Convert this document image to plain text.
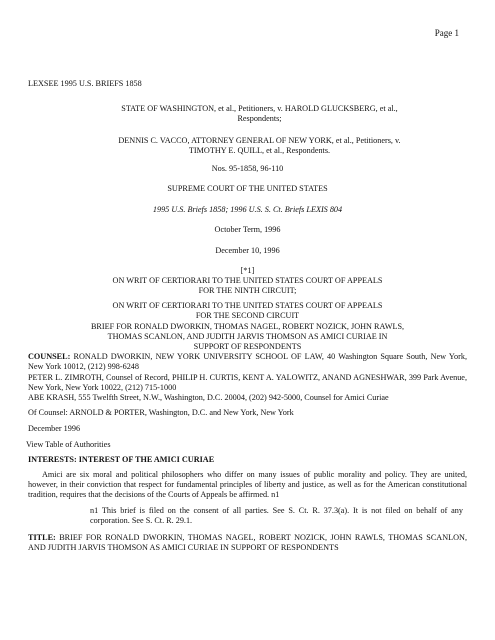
Page 1
LEXSEE 1995 U.S. BRIEFS 1858
STATE OF WASHINGTON, et al., Petitioners, v. HAROLD GLUCKSBERG, et al., Respondents;
DENNIS C. VACCO, ATTORNEY GENERAL OF NEW YORK, et al., Petitioners, v. TIMOTHY E. QUILL, et al., Respondents.
Nos. 95-1858, 96-110
SUPREME COURT OF THE UNITED STATES
1995 U.S. Briefs 1858; 1996 U.S. S. Ct. Briefs LEXIS 804
October Term, 1996
December 10, 1996
[*1]
ON WRIT OF CERTIORARI TO THE UNITED STATES COURT OF APPEALS FOR THE NINTH CIRCUIT;
ON WRIT OF CERTIORARI TO THE UNITED STATES COURT OF APPEALS FOR THE SECOND CIRCUIT
BRIEF FOR RONALD DWORKIN, THOMAS NAGEL, ROBERT NOZICK, JOHN RAWLS, THOMAS SCANLON, AND JUDITH JARVIS THOMSON AS AMICI CURIAE IN SUPPORT OF RESPONDENTS
COUNSEL: RONALD DWORKIN, NEW YORK UNIVERSITY SCHOOL OF LAW, 40 Washington Square South, New York, New York 10012, (212) 998-6248
PETER L. ZIMROTH, Counsel of Record, PHILIP H. CURTIS, KENT A. YALOWITZ, ANAND AGNESHWAR, 399 Park Avenue, New York, New York 10022, (212) 715-1000
ABE KRASH, 555 Twelfth Street, N.W., Washington, D.C. 20004, (202) 942-5000, Counsel for Amici Curiae
Of Counsel: ARNOLD & PORTER, Washington, D.C. and New York, New York
December 1996
View Table of Authorities
INTERESTS: INTEREST OF THE AMICI CURIAE
Amici are six moral and political philosophers who differ on many issues of public morality and policy. They are united, however, in their conviction that respect for fundamental principles of liberty and justice, as well as for the American constitutional tradition, requires that the decisions of the Courts of Appeals be affirmed. n1
n1 This brief is filed on the consent of all parties. See S. Ct. R. 37.3(a). It is not filed on behalf of any corporation. See S. Ct. R. 29.1.
TITLE: BRIEF FOR RONALD DWORKIN, THOMAS NAGEL, ROBERT NOZICK, JOHN RAWLS, THOMAS SCANLON, AND JUDITH JARVIS THOMSON AS AMICI CURIAE IN SUPPORT OF RESPONDENTS
